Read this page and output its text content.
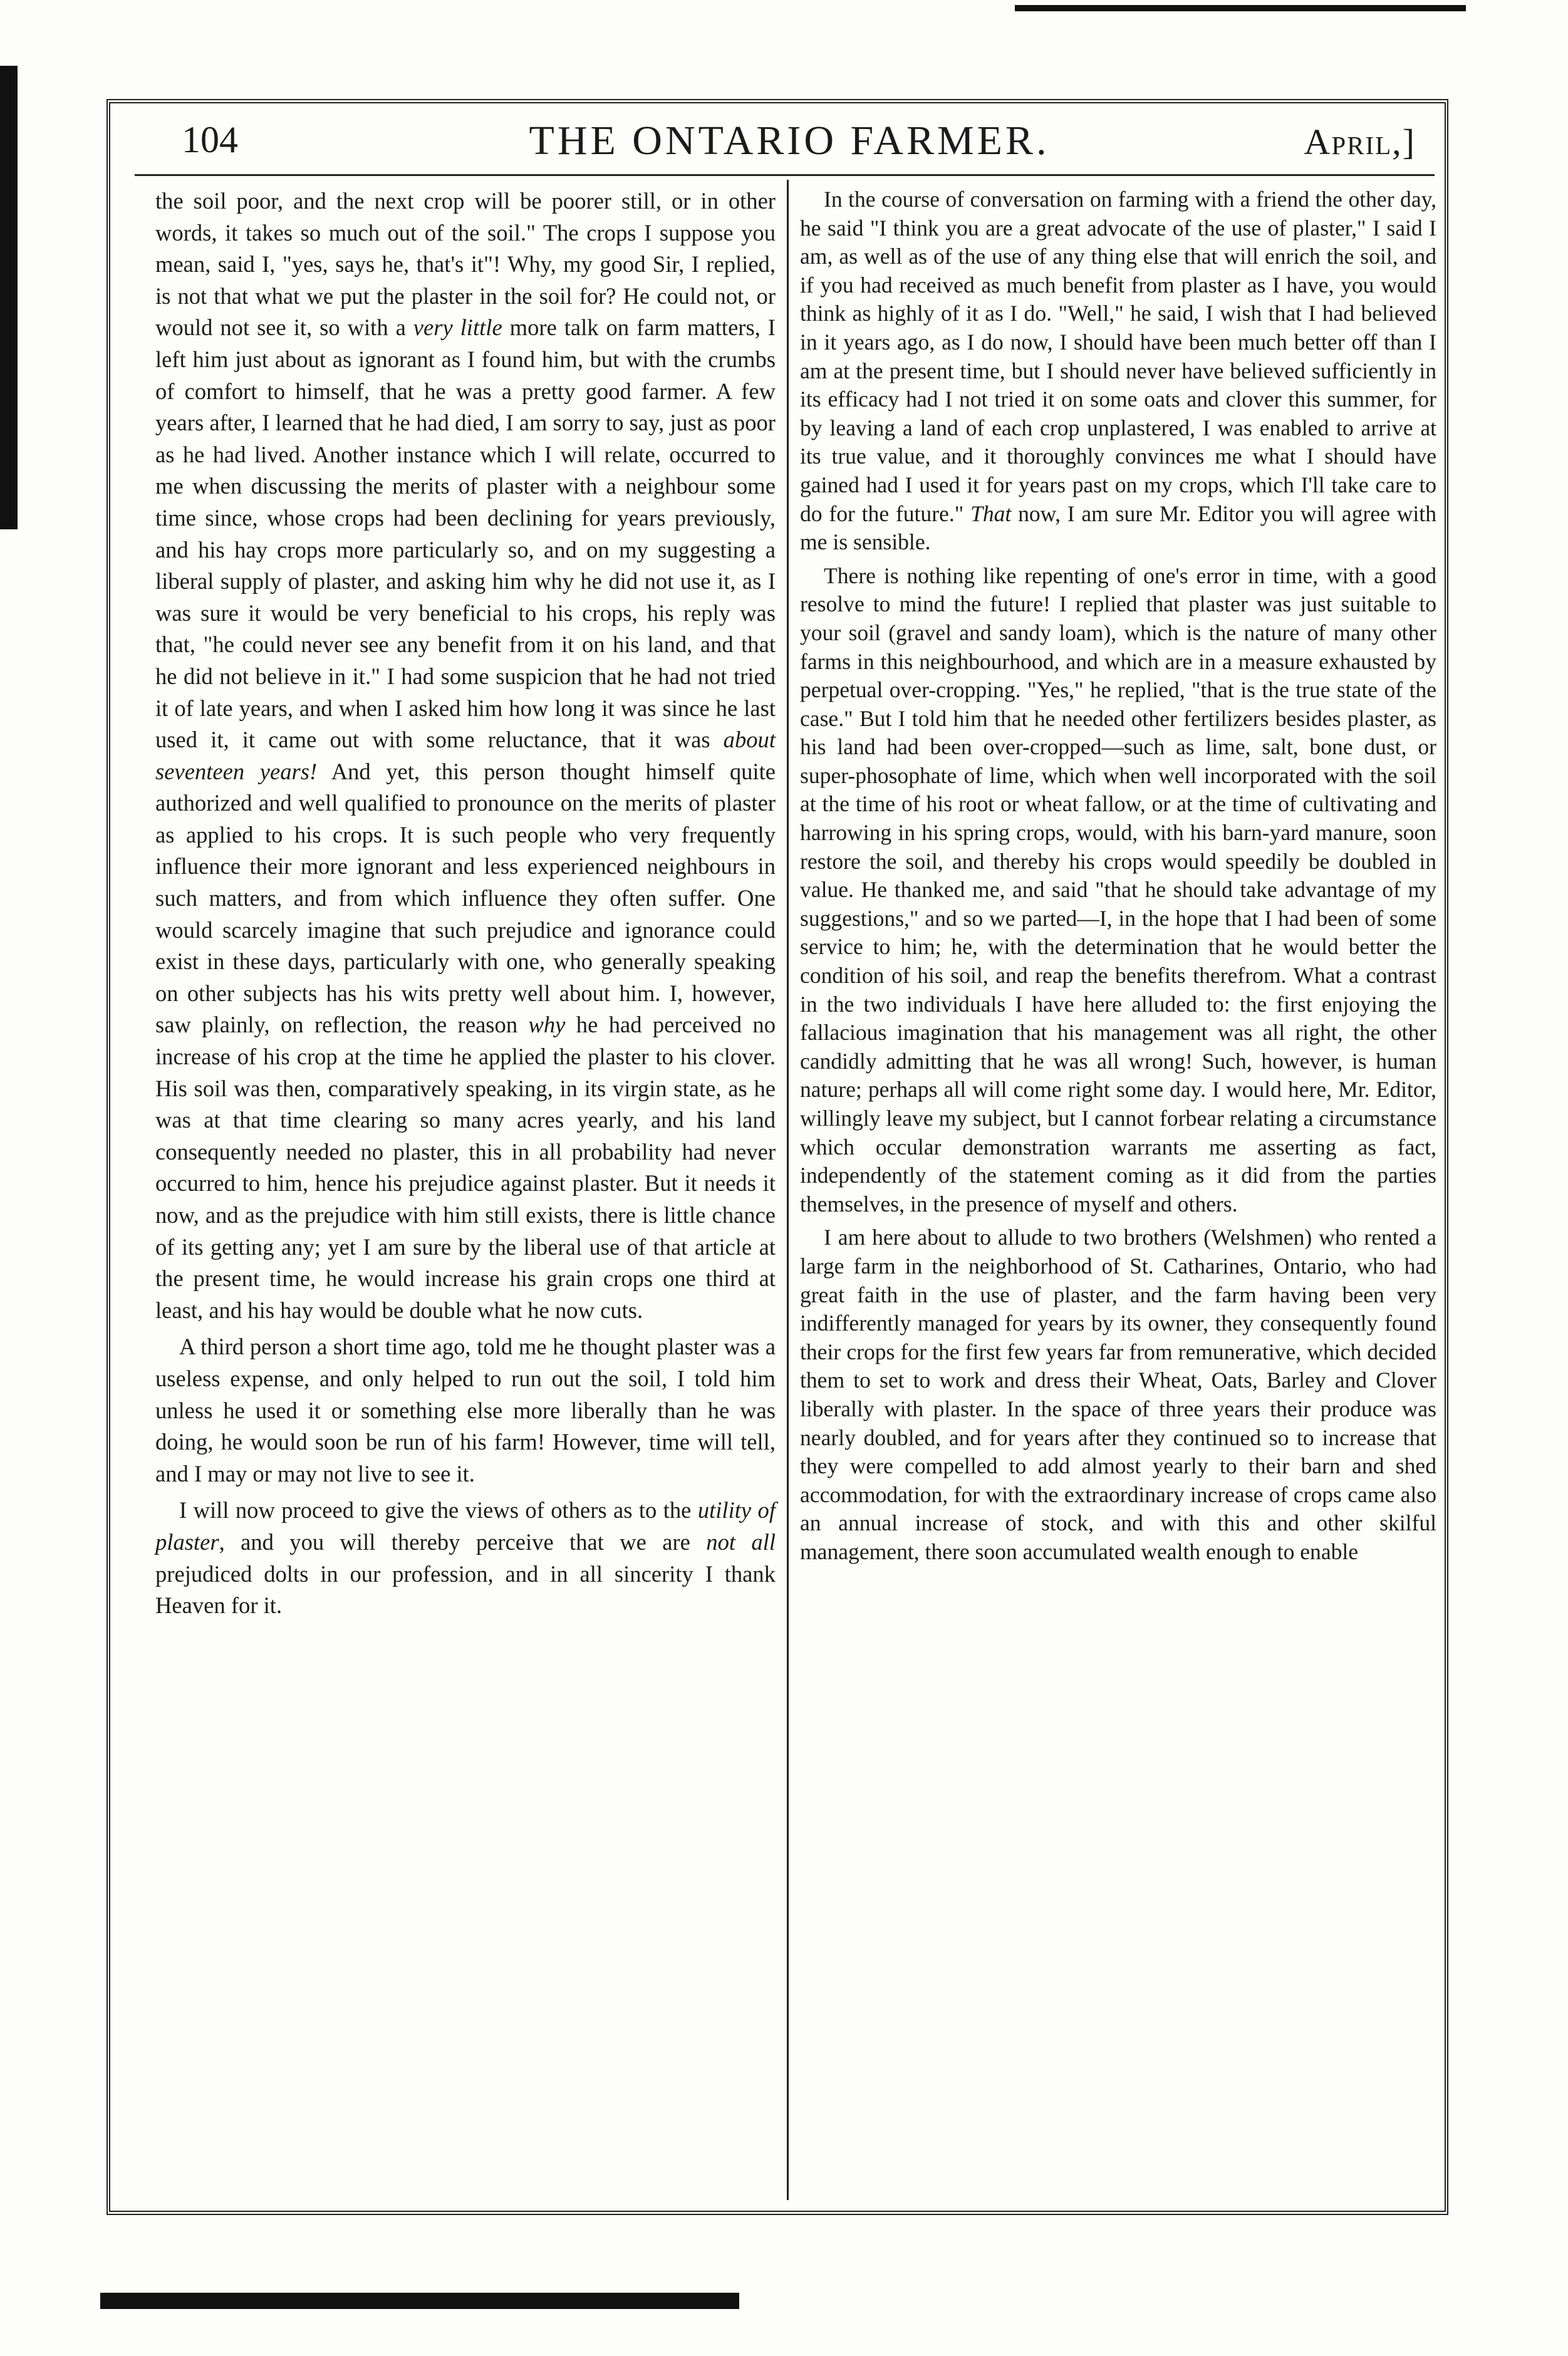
104	THE ONTARIO FARMER.	April,]

the soil poor, and the next crop will be poorer still, or in other words, it takes so much out of the soil." The crops I suppose you mean, said I, "yes, says he, that's it"! Why, my good Sir, I replied, is not that what we put the plaster in the soil for? He could not, or would not see it, so with a very little more talk on farm matters, I left him just about as ignorant as I found him, but with the crumbs of comfort to himself, that he was a pretty good farmer. A few years after, I learned that he had died, I am sorry to say, just as poor as he had lived. Another instance which I will relate, occurred to me when discussing the merits of plaster with a neighbour some time since, whose crops had been declining for years previously, and his hay crops more particularly so, and on my suggesting a liberal supply of plaster, and asking him why he did not use it, as I was sure it would be very beneficial to his crops, his reply was that, "he could never see any benefit from it on his land, and that he did not believe in it." I had some suspicion that he had not tried it of late years, and when I asked him how long it was since he last used it, it came out with some reluctance, that it was about seventeen years! And yet, this person thought himself quite authorized and well qualified to pronounce on the merits of plaster as applied to his crops. It is such people who very frequently influence their more ignorant and less experienced neighbours in such matters, and from which influence they often suffer. One would scarcely imagine that such prejudice and ignorance could exist in these days, particularly with one, who generally speaking on other subjects has his wits pretty well about him. I, however, saw plainly, on reflection, the reason why he had perceived no increase of his crop at the time he applied the plaster to his clover. His soil was then, comparatively speaking, in its virgin state, as he was at that time clearing so many acres yearly, and his land consequently needed no plaster, this in all probability had never occurred to him, hence his prejudice against plaster. But it needs it now, and as the prejudice with him still exists, there is little chance of its getting any; yet I am sure by the liberal use of that article at the present time, he would increase his grain crops one third at least, and his hay would be double what he now cuts.

A third person a short time ago, told me he thought plaster was a useless expense, and only helped to run out the soil, I told him unless he used it or something else more liberally than he was doing, he would soon be run of his farm! However, time will tell, and I may or may not live to see it.

I will now proceed to give the views of others as to the utility of plaster, and you will thereby perceive that we are not all prejudiced dolts in our profession, and in all sincerity I thank Heaven for it.

In the course of conversation on farming with a friend the other day, he said "I think you are a great advocate of the use of plaster," I said I am, as well as of the use of any thing else that will enrich the soil, and if you had received as much benefit from plaster as I have, you would think as highly of it as I do. "Well," he said, I wish that I had believed in it years ago, as I do now, I should have been much better off than I am at the present time, but I should never have believed sufficiently in its efficacy had I not tried it on some oats and clover this summer, for by leaving a land of each crop unplastered, I was enabled to arrive at its true value, and it thoroughly convinces me what I should have gained had I used it for years past on my crops, which I'll take care to do for the future." That now, I am sure Mr. Editor you will agree with me is sensible.

There is nothing like repenting of one's error in time, with a good resolve to mind the future! I replied that plaster was just suitable to your soil (gravel and sandy loam), which is the nature of many other farms in this neighbourhood, and which are in a measure exhausted by perpetual over-cropping. "Yes," he replied, "that is the true state of the case." But I told him that he needed other fertilizers besides plaster, as his land had been over-cropped—such as lime, salt, bone dust, or super-phosophate of lime, which when well incorporated with the soil at the time of his root or wheat fallow, or at the time of cultivating and harrowing in his spring crops, would, with his barn-yard manure, soon restore the soil, and thereby his crops would speedily be doubled in value. He thanked me, and said "that he should take advantage of my suggestions," and so we parted—I, in the hope that I had been of some service to him; he, with the determination that he would better the condition of his soil, and reap the benefits therefrom. What a contrast in the two individuals I have here alluded to: the first enjoying the fallacious imagination that his management was all right, the other candidly admitting that he was all wrong! Such, however, is human nature; perhaps all will come right some day. I would here, Mr. Editor, willingly leave my subject, but I cannot forbear relating a circumstance which occular demonstration warrants me asserting as fact, independently of the statement coming as it did from the parties themselves, in the presence of myself and others.

I am here about to allude to two brothers (Welshmen) who rented a large farm in the neighborhood of St. Catharines, Ontario, who had great faith in the use of plaster, and the farm having been very indifferently managed for years by its owner, they consequently found their crops for the first few years far from remunerative, which decided them to set to work and dress their Wheat, Oats, Barley and Clover liberally with plaster. In the space of three years their produce was nearly doubled, and for years after they continued so to increase that they were compelled to add almost yearly to their barn and shed accommodation, for with the extraordinary increase of crops came also an annual increase of stock, and with this and other skilful management, there soon accumulated wealth enough to enable
